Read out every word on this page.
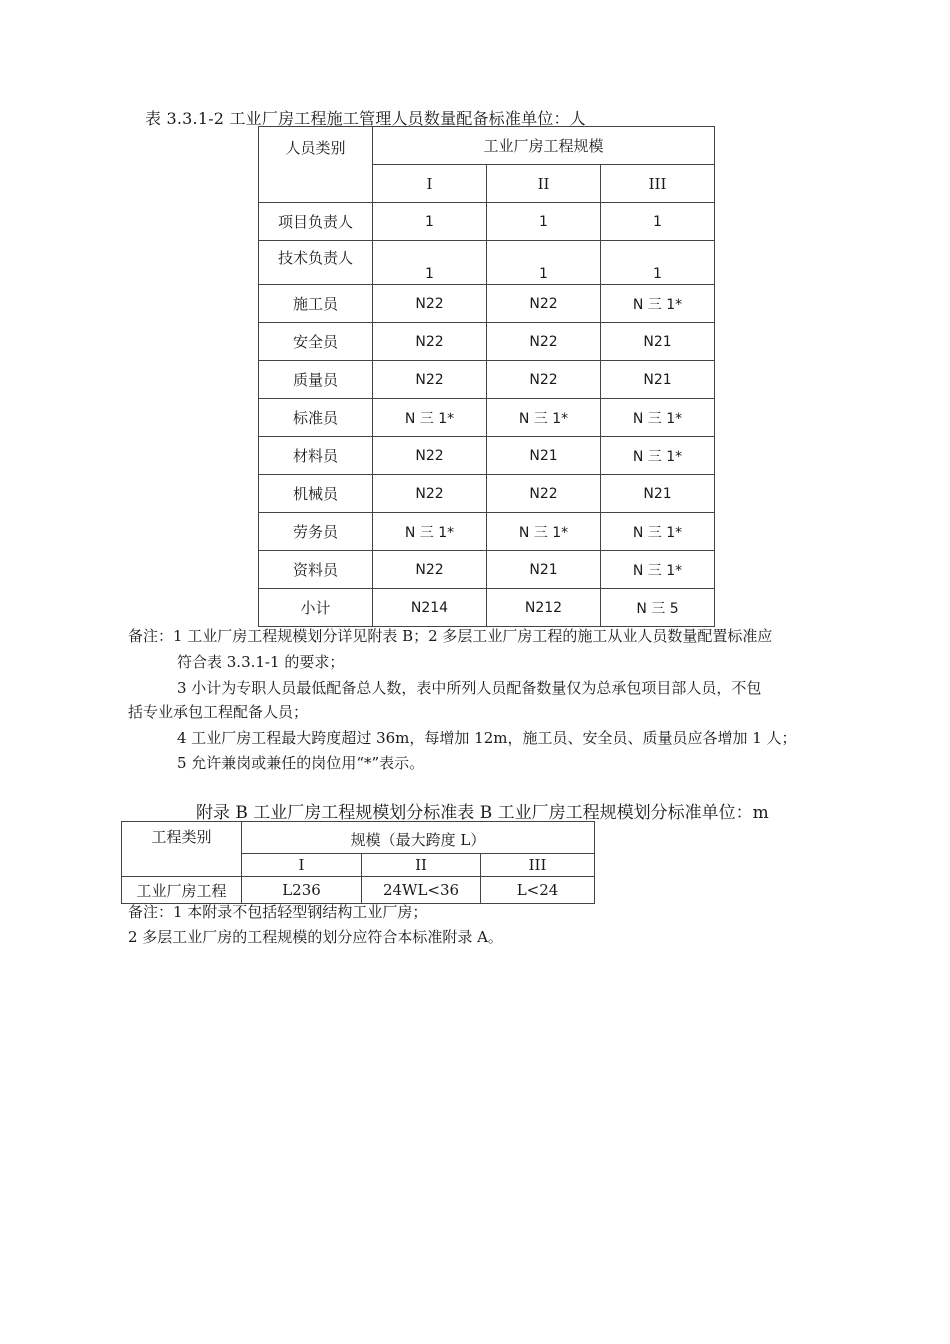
表 3.3.1-2 工业厂房工程施工管理人员数量配备标准单位：人
人员类别	工业厂房工程规模		
	I	II	III
项目负责人	1	1	1
技术负责人	1	1	1
施工员	N22	N22	N 三 1*
安全员	N22	N22	N21
质量员	N22	N22	N21
标准员	N 三 1*	N 三 1*	N 三 1*
材料员	N22	N21	N 三 1*
机械员	N22	N22	N21
劳务员	N 三 1*	N 三 1*	N 三 1*
资料员	N22	N21	N 三 1*
小计	N214	N212	N 三 5
备注：1 工业厂房工程规模划分详见附表 B；2 多层工业厂房工程的施工从业人员数量配置标准应
符合表 3.3.1-1 的要求；
3 小计为专职人员最低配备总人数，表中所列人员配备数量仅为总承包项目部人员，不包
括专业承包工程配备人员；
4 工业厂房工程最大跨度超过 36m，每增加 12m，施工员、安全员、质量员应各增加 1 人；
5 允许兼岗或兼任的岗位用“*”表示。
附录 B 工业厂房工程规模划分标准表 B 工业厂房工程规模划分标准单位：m
工程类别	规模（最大跨度 L）		
	I	II	III
工业厂房工程	L236	24WL<36	L<24
备注：1 本附录不包括轻型钢结构工业厂房；
2 多层工业厂房的工程规模的划分应符合本标准附录 A。
